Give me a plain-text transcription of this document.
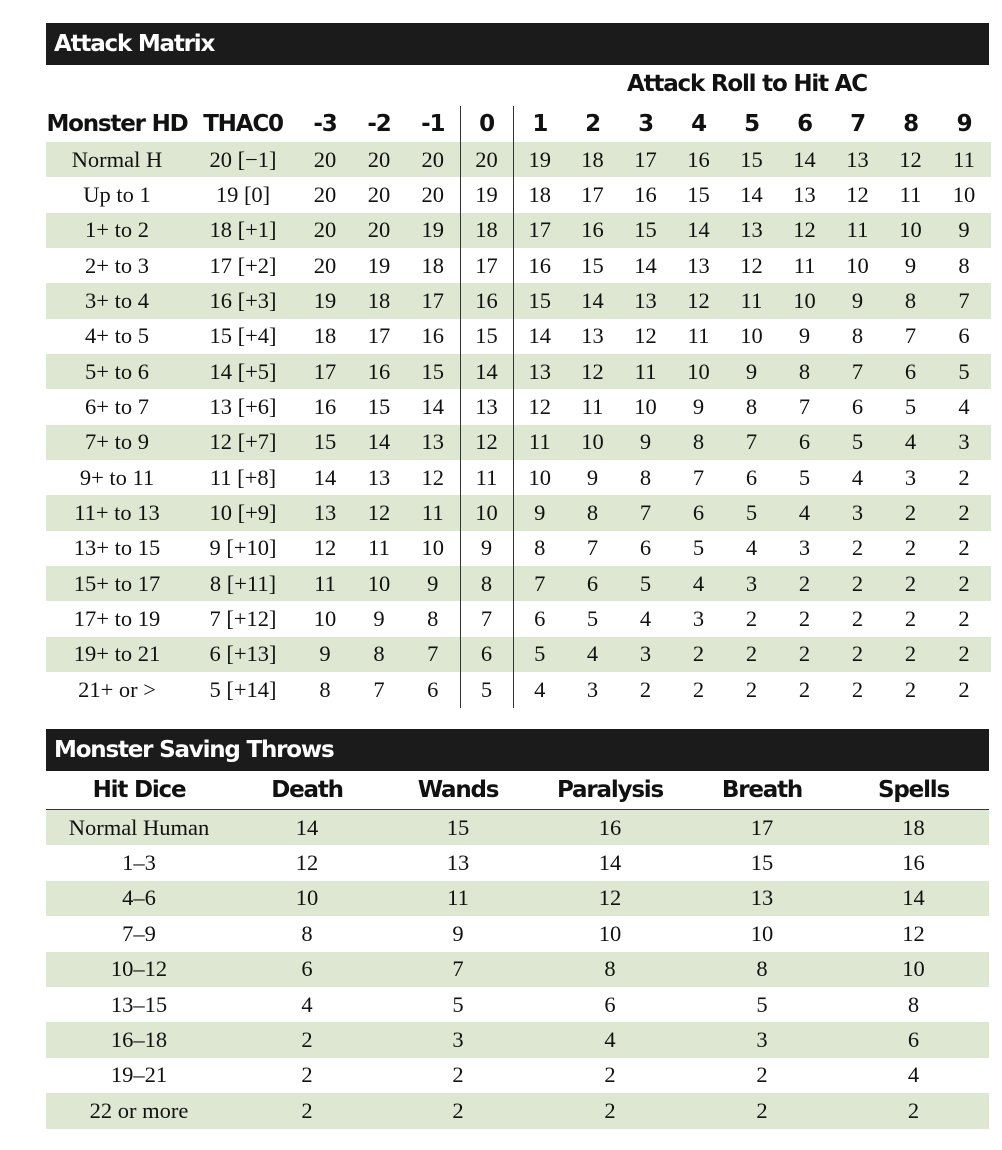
Attack Matrix
Attack Roll to Hit AC
Monster HD	THAC0	-3	-2	-1	0	1	2	3	4	5	6	7	8	9
Normal H	20 [−1]	20	20	20	20	19	18	17	16	15	14	13	12	11
Up to 1	19 [0]	20	20	20	19	18	17	16	15	14	13	12	11	10
1+ to 2	18 [+1]	20	20	19	18	17	16	15	14	13	12	11	10	9
2+ to 3	17 [+2]	20	19	18	17	16	15	14	13	12	11	10	9	8
3+ to 4	16 [+3]	19	18	17	16	15	14	13	12	11	10	9	8	7
4+ to 5	15 [+4]	18	17	16	15	14	13	12	11	10	9	8	7	6
5+ to 6	14 [+5]	17	16	15	14	13	12	11	10	9	8	7	6	5
6+ to 7	13 [+6]	16	15	14	13	12	11	10	9	8	7	6	5	4
7+ to 9	12 [+7]	15	14	13	12	11	10	9	8	7	6	5	4	3
9+ to 11	11 [+8]	14	13	12	11	10	9	8	7	6	5	4	3	2
11+ to 13	10 [+9]	13	12	11	10	9	8	7	6	5	4	3	2	2
13+ to 15	9 [+10]	12	11	10	9	8	7	6	5	4	3	2	2	2
15+ to 17	8 [+11]	11	10	9	8	7	6	5	4	3	2	2	2	2
17+ to 19	7 [+12]	10	9	8	7	6	5	4	3	2	2	2	2	2
19+ to 21	6 [+13]	9	8	7	6	5	4	3	2	2	2	2	2	2
21+ or >	5 [+14]	8	7	6	5	4	3	2	2	2	2	2	2	2
Monster Saving Throws
Hit Dice	Death	Wands	Paralysis	Breath	Spells
Normal Human	14	15	16	17	18
1–3	12	13	14	15	16
4–6	10	11	12	13	14
7–9	8	9	10	10	12
10–12	6	7	8	8	10
13–15	4	5	6	5	8
16–18	2	3	4	3	6
19–21	2	2	2	2	4
22 or more	2	2	2	2	2
